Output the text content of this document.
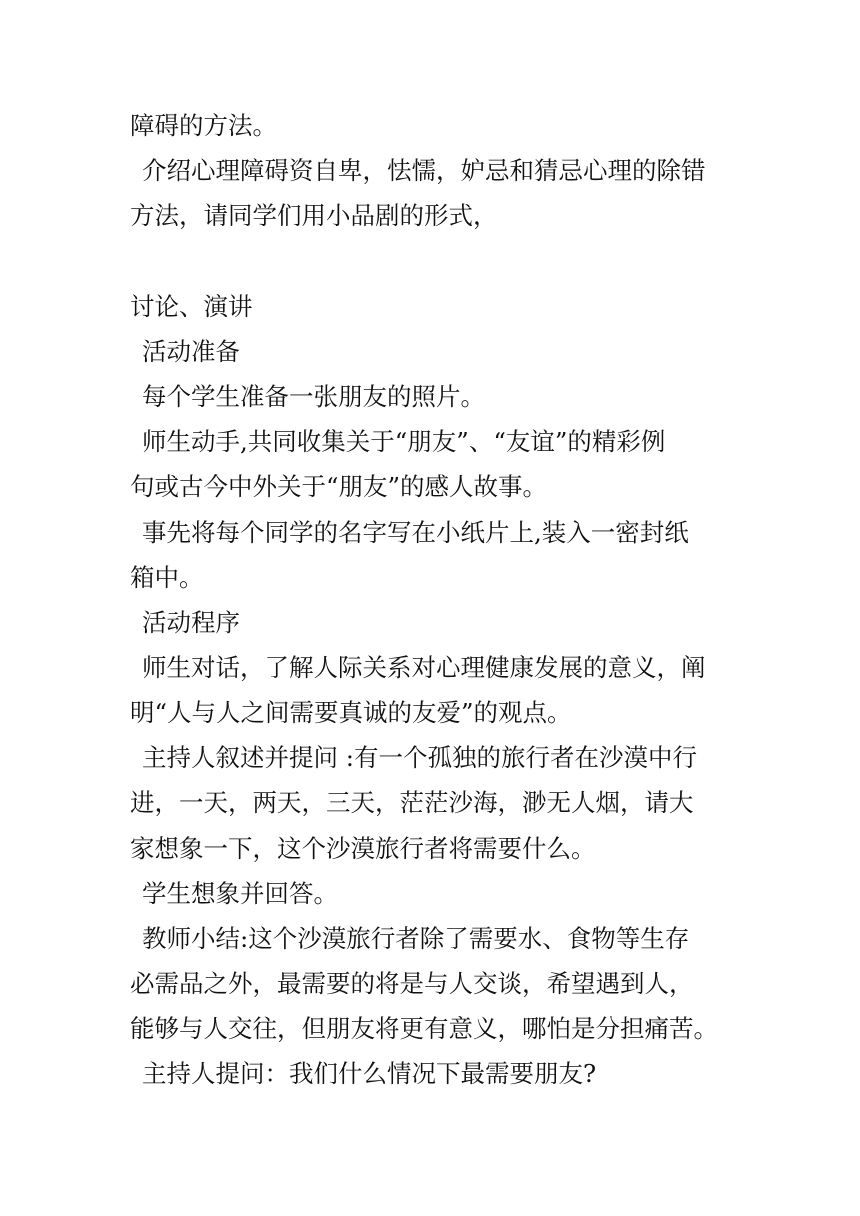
障碍的方法。
介绍心理障碍资自卑，怯懦，妒忌和猜忌心理的除错
方法，请同学们用小品剧的形式，
讨论、演讲
活动准备
每个学生准备一张朋友的照片。
师生动手,共同收集关于“朋友”、“友谊”的精彩例
句或古今中外关于“朋友”的感人故事。
事先将每个同学的名字写在小纸片上,装入一密封纸
箱中。
活动程序
师生对话，了解人际关系对心理健康发展的意义，阐
明“人与人之间需要真诚的友爱”的观点。
主持人叙述并提问 :有一个孤独的旅行者在沙漠中行
进，一天，两天，三天，茫茫沙海，渺无人烟，请大
家想象一下，这个沙漠旅行者将需要什么。
学生想象并回答。
教师小结:这个沙漠旅行者除了需要水、食物等生存
必需品之外，最需要的将是与人交谈，希望遇到人，
能够与人交往，但朋友将更有意义，哪怕是分担痛苦。
主持人提问：我们什么情况下最需要朋友?
